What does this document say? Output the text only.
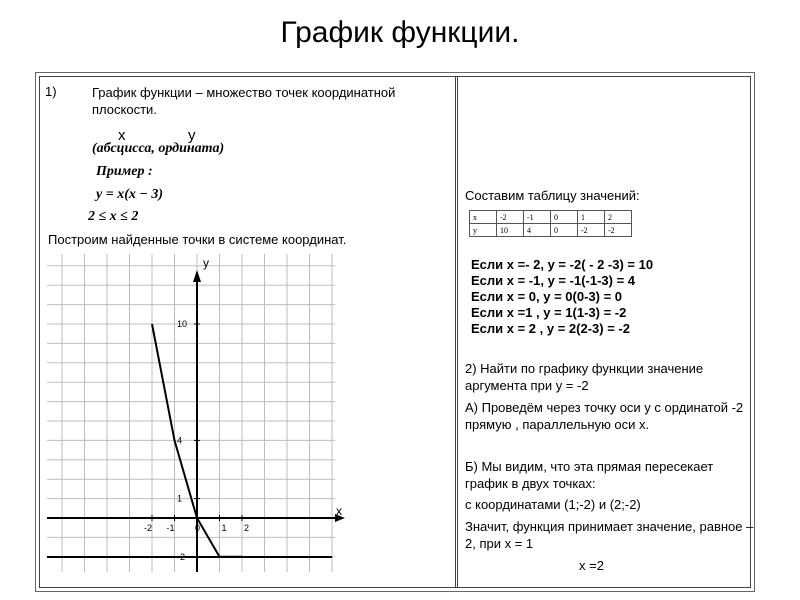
График функции.
1)	График функции – множество точек координатной плоскости.
x	y
(абсцисса, ордината)
Пример :
y = x(x − 3)
2 ≤ x ≤ 2
Построим найденные точки в системе координат.
-2 -1 0 1 2
10
4
1
-2
x
y
Составим таблицу значений:
x	-2	-1	0	1	2
y	10	4	0	-2	-2
Если x =- 2, y = -2( - 2 -3) = 10
Если x = -1, y = -1(-1-3) = 4
Если x = 0, y = 0(0-3) = 0
Если x =1 , y = 1(1-3) = -2
Если x = 2 , y = 2(2-3) = -2
2) Найти по графику функции значение аргумента при y = -2
А) Проведём через точку оси y с ординатой -2 прямую , параллельную оси x.
Б) Мы видим, что эта прямая пересекает график в двух точках:
с координатами (1;-2) и (2;-2)
Значит, функция принимает значение, равное – 2, при x = 1
x =2
